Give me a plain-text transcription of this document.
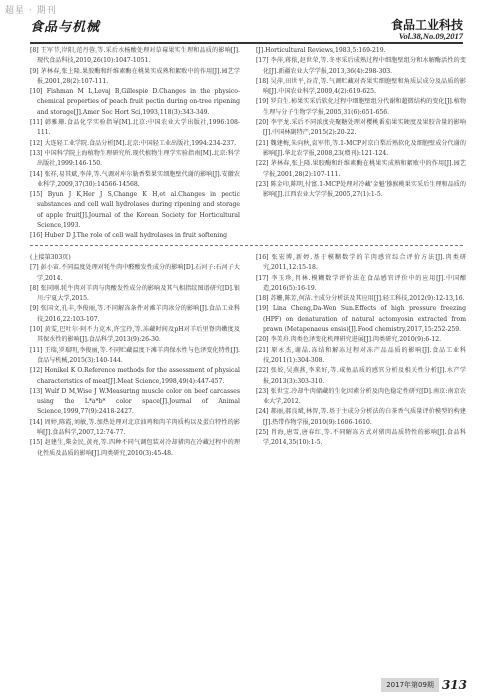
超星 · 期刊
食品与机械	食品工业科技
Vol.38,No.09,2017
[8] 王军节,岸阳,范丹蓉,等.采后水杨酸处理对草莓果实生理和品质的影响[J].现代食品科技,2010,26(10):1047-1051.
[9] 茅林春,张上隆.果胶酶和纤维素酶在桃果实成熟和絮败中的作用[J].园艺学报,2001,28(2):107-111.
[10] Fishman M L,Levaj B,Gillespie D.Changes in the physico-chemical properties of peach fruit pectin during on-tree ripening and storage[J].Amer Soc Hort Sci,1993,118(3):343-349.
[11] 韩雅珊.食品化学实验指导[M].北京:中国农业大学出版社,1996:108-111.
[12] 大连轻工业学院.食品分析[M].北京:中国轻工业出版社,1994:234-237.
[13] 中国科学院上海植物生理研究所.现代植物生理学实验指南[M].北京:科学出版社,1999:146-150.
[14] 张祥,易其斌,李萍,等.气调对库尔勒香梨果实细胞壁代谢的影响[J].安徽农业科学,2009,37(30):14566-14568.
[15] Byun J K,Her J S,Change K H,et al.Changes in pectic substances and cell wall hydrolases during ripening and storage of apple fruit[J].Journal of the Korean Society for Horticultural Science,1993.
[16] Huber D J.The role of cell wall hydrolases in fruit softening
[J].Horticultural Reviews,1983,5:169-219.
[17] 李萍,蒋侬,赵世荣,等.冬枣采后成熟过程中细胞壁组分和水解酶活性的变化[J].新疆农业大学学报,2013,36(4):298-303.
[18] 吴萍,田世平,谷青,等.气调贮藏对杏果实细胞壁和角质层成分及品质的影响[J].中国农业科学,2009,4(2):619-625.
[19] 罗自生.柿果实采后软化过程中细胞壁组分代谢和超微结构的变化[J].植物生理与分子生物学学报,2005,31(6):651-656.
[20] 李宇龙.采后不同浓度壳聚糖处理对樱桃番茄果实硬度及果胶含量的影响[J].中国林副特产,2015(2):20-22.
[21] 魏建梅,朱向秋,袁军伟,等.1-MCP对京白梨后熟软化及细胞壁成分代谢的影响[J].华北农学报,2008,23(增刊):121-124.
[22] 茅林春,张上隆.果胶酶和纤维素酶在桃果实成熟和絮败中的作用[J].园艺学报,2001,28(2):107-111.
[23] 陈金印,陈明,付富.1-MCP处理对冷藏'金魁'猕猴桃果实采后生理和品质的影响[J].江西农业大学学报,2005,27(1):1-5.
(上接第303页)
[7] 彭小宙.不同温度处理对牦牛肉中醛酸发性成分的影响[D].石河子:石河子大学,2014.
[8] 张同刚.牦牛肉对羊肉与肉酸发性成分的影响及其气相指纹图谱研究[D].银川:宁夏大学,2015.
[9] 张国文,孔丰,李俊丽,等.不同解冻条件对滩羊肉冰分的影响[J].食品工业科技,2016,22:103-107.
[10] 黄雯,巴吐尔·阿不力克木,许宝玲,等.冻藏时间及pH对羊后里脊肉嫩度及其保水性的影响[J].食品科学,2013(9):26-30.
[11] 王瑞,罗瑞明,李俊丽,等.不同贮藏温度下滩羊肉保水性与色泽变化特性[J].食品与机械,2015(3):140-144.
[12] Honikel K O.Reference methods for the assessment of physical characteristics of meat[J].Meat Science,1998,49(4):447-457.
[13] Wulf D M,Wise J W.Measuring muscle color on beef carcasses using the L*a*b* color space[J].Journal of Animal Science,1999,77(9):2418-2427.
[14] 周婷,陈霞,刘敏,等.加热处理对北京油鸡和肉羊肉质构以及蛋白特性的影响[J].食品科学,2007,12:74-77.
[15] 赵建生,柴金民,黄亮,等.四种不同气调包装对冷却猪肉在冷藏过程中的理化性质及品质的影响[J].肉类研究,2010(3):45-48.
[16] 张宏博,新婷.基于模糊数学的羊肉感官综合评价方法[J].肉类研究,2011,12:15-18.
[17] 李玉珍,肖林.模糊数学评价法在食品感官评价中的应用[J].中国酿造,2016(5):16-19.
[18] 苏姗,陈芳,何洁.主成分分析法及其应用[J].轻工科技,2012(9):12-13,16.
[19] Lina Cheng,Da-Wen Sun.Effects of high pressure freezing (HPF) on denaturation of natural actomyosin extracted from prawn (Metapenaeus ensis)[J].Food chemistry,2017,15:252-259.
[20] 李美舟.肉类色泽变化机理研究进展[J].肉类研究,2010(9):6-12.
[21] 原永杰,谢晶.冻结和解冻过程对冻产品品质的影响[J].食品工业科技,2011(1):304-308.
[22] 张姣,吴燕燕,李来好,等.咸鱼品质的感官分析及相关性分析[J].水产学报,2013(3):303-310.
[23] 张世宝.冷却牛肉储藏的生化因素分析及肉色稳定性研究[D].南京:南京农业大学,2012.
[24] 郝丽,郝良斌,林智,等.基于主成分分析法的白茶香气质量评价模型的构建[J].热带作物学报,2010(9):1606-1610.
[25] 肖海,唐雪,唐春红,等.不同解冻方式对猪肉品质特性的影响[J].食品科学,2014,35(10):1-5.
2017年第09期 313
